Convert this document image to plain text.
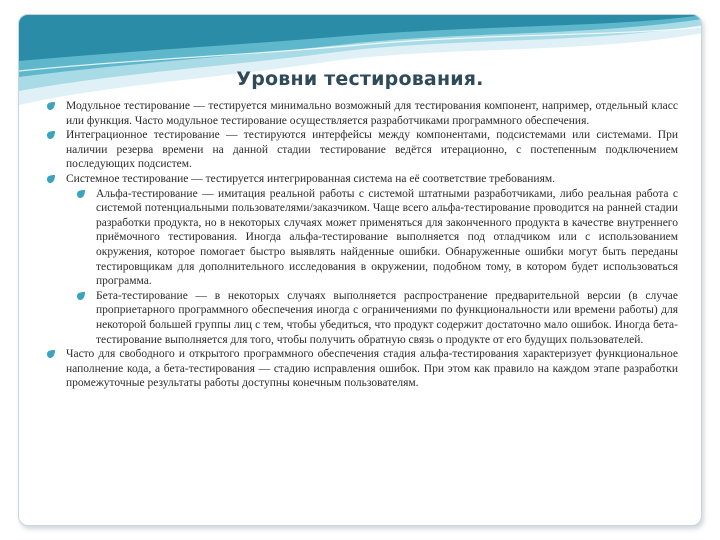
Уровни тестирования.
Модульное тестирование — тестируется минимально возможный для тестирования компонент, например, отдельный класс или функция. Часто модульное тестирование осуществляется разработчиками программного обеспечения.
Интеграционное тестирование — тестируются интерфейсы между компонентами, подсистемами или системами. При наличии резерва времени на данной стадии тестирование ведётся итерационно, с постепенным подключением последующих подсистем.
Системное тестирование — тестируется интегрированная система на её соответствие требованиям.
Альфа-тестирование — имитация реальной работы с системой штатными разработчиками, либо реальная работа с системой потенциальными пользователями/заказчиком. Чаще всего альфа-тестирование проводится на ранней стадии разработки продукта, но в некоторых случаях может применяться для законченного продукта в качестве внутреннего приёмочного тестирования. Иногда альфа-тестирование выполняется под отладчиком или с использованием окружения, которое помогает быстро выявлять найденные ошибки. Обнаруженные ошибки могут быть переданы тестировщикам для дополнительного исследования в окружении, подобном тому, в котором будет использоваться программа.
Бета-тестирование — в некоторых случаях выполняется распространение предварительной версии (в случае проприетарного программного обеспечения иногда с ограничениями по функциональности или времени работы) для некоторой большей группы лиц с тем, чтобы убедиться, что продукт содержит достаточно мало ошибок. Иногда бета-тестирование выполняется для того, чтобы получить обратную связь о продукте от его будущих пользователей.
Часто для свободного и открытого программного обеспечения стадия альфа-тестирования характеризует функциональное наполнение кода, а бета-тестирования — стадию исправления ошибок. При этом как правило на каждом этапе разработки промежуточные результаты работы доступны конечным пользователям.
